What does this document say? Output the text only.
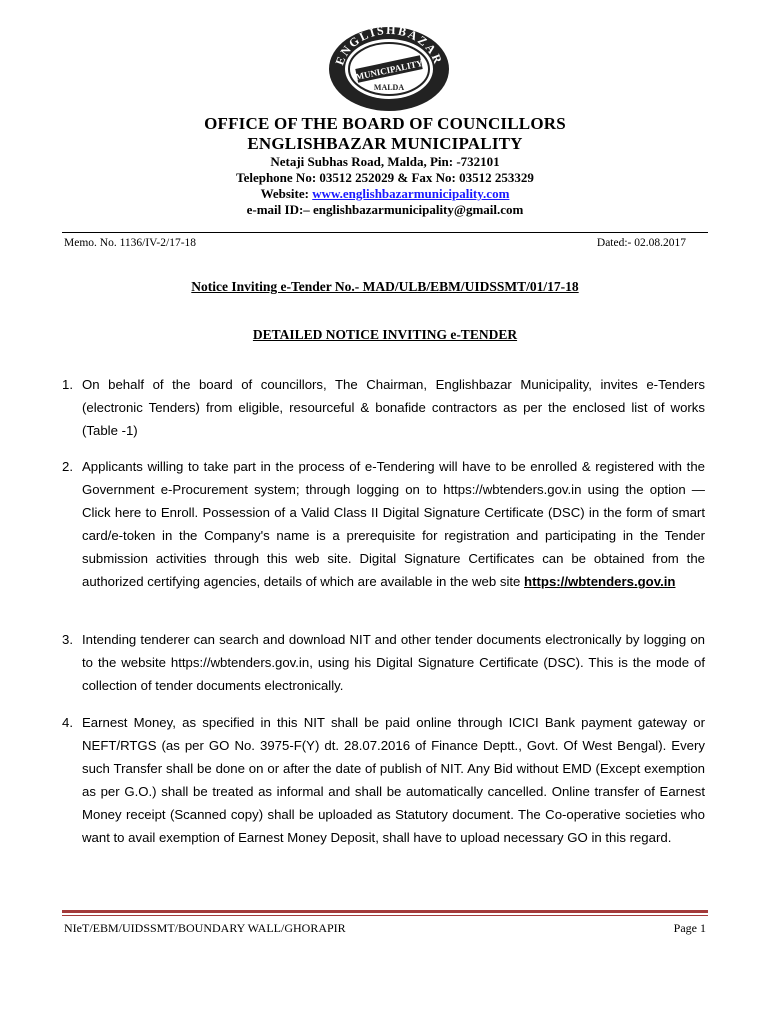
ENGLISHBAZAR
MUNICIPALITY
MALDA
OFFICE OF THE BOARD OF COUNCILLORS
ENGLISHBAZAR MUNICIPALITY
Netaji Subhas Road, Malda, Pin: -732101
Telephone No: 03512 252029 & Fax No: 03512 253329
Website: www.englishbazarmunicipality.com
e-mail ID:– englishbazarmunicipality@gmail.com
Memo. No. 1136/IV-2/17-18	Dated:- 02.08.2017
Notice Inviting e-Tender No.- MAD/ULB/EBM/UIDSSMT/01/17-18
DETAILED NOTICE INVITING e-TENDER
1. On behalf of the board of councillors, The Chairman, Englishbazar Municipality, invites e-Tenders (electronic Tenders) from eligible, resourceful & bonafide contractors as per the enclosed list of works (Table -1)
2. Applicants willing to take part in the process of e-Tendering will have to be enrolled & registered with the Government e-Procurement system; through logging on to https://wbtenders.gov.in using the option —Click here to Enroll. Possession of a Valid Class II Digital Signature Certificate (DSC) in the form of smart card/e-token in the Company's name is a prerequisite for registration and participating in the Tender submission activities through this web site. Digital Signature Certificates can be obtained from the authorized certifying agencies, details of which are available in the web site https://wbtenders.gov.in
3. Intending tenderer can search and download NIT and other tender documents electronically by logging on to the website https://wbtenders.gov.in, using his Digital Signature Certificate (DSC). This is the mode of collection of tender documents electronically.
4. Earnest Money, as specified in this NIT shall be paid online through ICICI Bank payment gateway or NEFT/RTGS (as per GO No. 3975-F(Y) dt. 28.07.2016 of Finance Deptt., Govt. Of West Bengal). Every such Transfer shall be done on or after the date of publish of NIT. Any Bid without EMD (Except exemption as per G.O.) shall be treated as informal and shall be automatically cancelled. Online transfer of Earnest Money receipt (Scanned copy) shall be uploaded as Statutory document. The Co-operative societies who want to avail exemption of Earnest Money Deposit, shall have to upload necessary GO in this regard.
NIeT/EBM/UIDSSMT/BOUNDARY WALL/GHORAPIR	Page 1
